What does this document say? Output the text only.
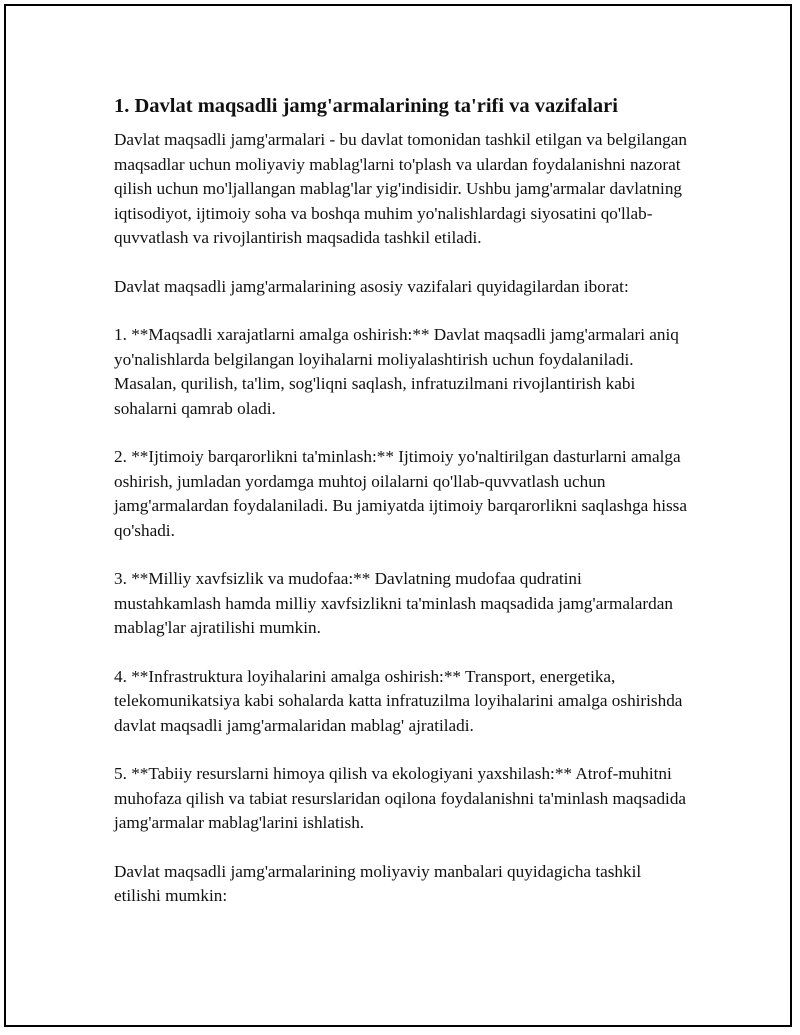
1. Davlat maqsadli jamg'armalarining ta'rifi va vazifalari

Davlat maqsadli jamg'armalari - bu davlat tomonidan tashkil etilgan va belgilangan maqsadlar uchun moliyaviy mablag'larni to'plash va ulardan foydalanishni nazorat qilish uchun mo'ljallangan mablag'lar yig'indisidir. Ushbu jamg'armalar davlatning iqtisodiyot, ijtimoiy soha va boshqa muhim yo'nalishlardagi siyosatini qo'llab-quvvatlash va rivojlantirish maqsadida tashkil etiladi.

Davlat maqsadli jamg'armalarining asosiy vazifalari quyidagilardan iborat:

1. **Maqsadli xarajatlarni amalga oshirish:** Davlat maqsadli jamg'armalari aniq yo'nalishlarda belgilangan loyihalarni moliyalashtirish uchun foydalaniladi. Masalan, qurilish, ta'lim, sog'liqni saqlash, infratuzilmani rivojlantirish kabi sohalarni qamrab oladi.

2. **Ijtimoiy barqarorlikni ta'minlash:** Ijtimoiy yo'naltirilgan dasturlarni amalga oshirish, jumladan yordamga muhtoj oilalarni qo'llab-quvvatlash uchun jamg'armalardan foydalaniladi. Bu jamiyatda ijtimoiy barqarorlikni saqlashga hissa qo'shadi.

3. **Milliy xavfsizlik va mudofaa:** Davlatning mudofaa qudratini mustahkamlash hamda milliy xavfsizlikni ta'minlash maqsadida jamg'armalardan mablag'lar ajratilishi mumkin.

4. **Infrastruktura loyihalarini amalga oshirish:** Transport, energetika, telekomunikatsiya kabi sohalarda katta infratuzilma loyihalarini amalga oshirishda davlat maqsadli jamg'armalaridan mablag' ajratiladi.

5. **Tabiiy resurslarni himoya qilish va ekologiyani yaxshilash:** Atrof-muhitni muhofaza qilish va tabiat resurslaridan oqilona foydalanishni ta'minlash maqsadida jamg'armalar mablag'larini ishlatish.

Davlat maqsadli jamg'armalarining moliyaviy manbalari quyidagicha tashkil etilishi mumkin:
